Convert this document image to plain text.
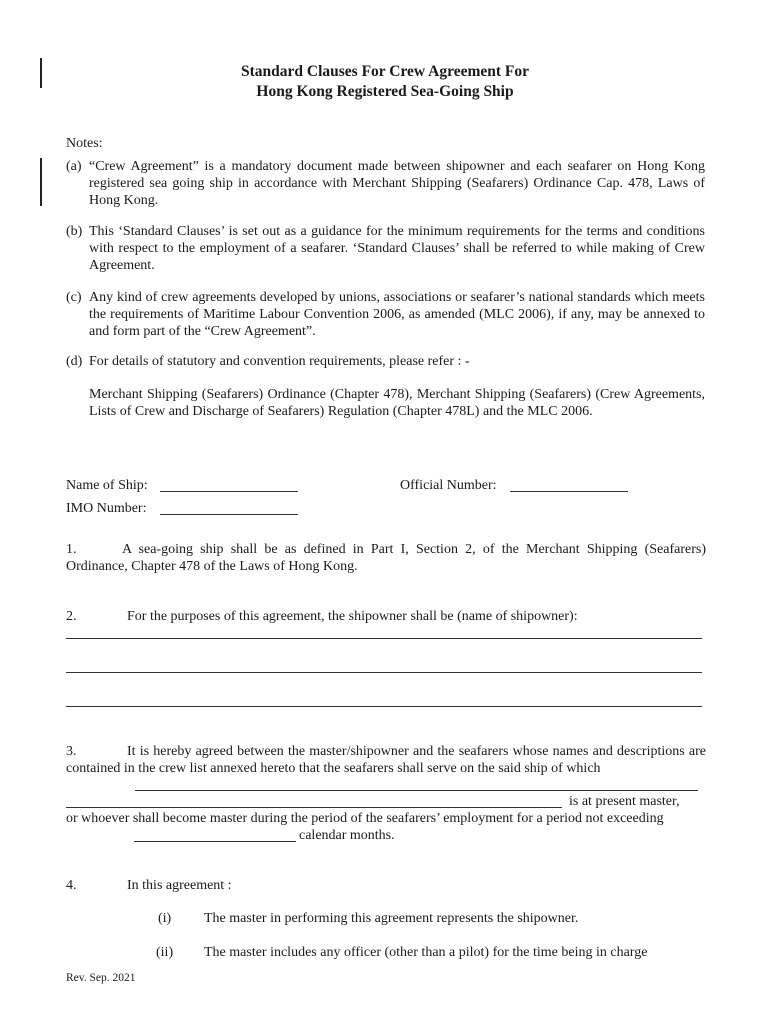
Standard Clauses For Crew Agreement For
Hong Kong Registered Sea-Going Ship
Notes:
(a) “Crew Agreement” is a mandatory document made between shipowner and each seafarer on Hong Kong registered sea going ship in accordance with Merchant Shipping (Seafarers) Ordinance Cap. 478, Laws of Hong Kong.
(b) This ‘Standard Clauses’ is set out as a guidance for the minimum requirements for the terms and conditions with respect to the employment of a seafarer. ‘Standard Clauses’ shall be referred to while making of Crew Agreement.
(c) Any kind of crew agreements developed by unions, associations or seafarer’s national standards which meets the requirements of Maritime Labour Convention 2006, as amended (MLC 2006), if any, may be annexed to and form part of the “Crew Agreement”.
(d) For details of statutory and convention requirements, please refer : -
Merchant Shipping (Seafarers) Ordinance (Chapter 478), Merchant Shipping (Seafarers) (Crew Agreements, Lists of Crew and Discharge of Seafarers) Regulation (Chapter 478L) and the MLC 2006.
Name of Ship:	Official Number:
IMO Number:
1.	A sea-going ship shall be as defined in Part I, Section 2, of the Merchant Shipping (Seafarers) Ordinance, Chapter 478 of the Laws of Hong Kong.
2.	For the purposes of this agreement, the shipowner shall be (name of shipowner):
3.	It is hereby agreed between the master/shipowner and the seafarers whose names and descriptions are contained in the crew list annexed hereto that the seafarers shall serve on the said ship of which
is at present master,
or whoever shall become master during the period of the seafarers’ employment for a period not exceeding
calendar months.
4.	In this agreement :
(i) The master in performing this agreement represents the shipowner.
(ii) The master includes any officer (other than a pilot) for the time being in charge
Rev. Sep. 2021
